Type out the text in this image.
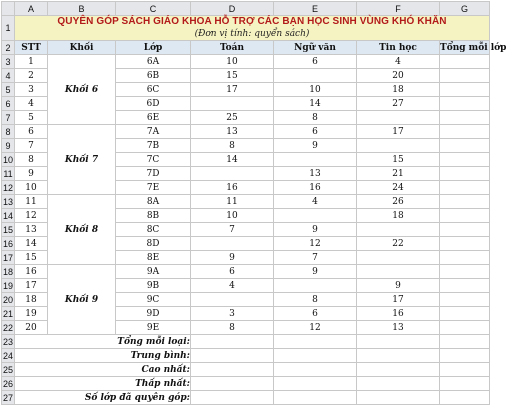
	A	B	C	D	E	F	G
1	QUYÊN GÓP SÁCH GIÁO KHOA HỖ TRỢ CÁC BẠN HỌC SINH VÙNG KHÓ KHĂN
(Đơn vị tính: quyển sách)						

2	STT	Khối	Lớp	Toán	Ngữ văn	Tin học	Tổng mỗi lớp
3	1	Khối 6	6A	10	6	4	
4	2		6B	15		20	
5	3		6C	17	10	18	
6	4		6D		14	27	
7	5		6E	25	8		
8	6	Khối 7	7A	13	6	17	
9	7		7B	8	9		
10	8		7C	14		15	
11	9		7D		13	21	
12	10		7E	16	16	24	
13	11	Khối 8	8A	11	4	26	
14	12		8B	10		18	
15	13		8C	7	9		
16	14		8D		12	22	
17	15		8E	9	7		
18	16	Khối 9	9A	6	9		
19	17		9B	4		9	
20	18		9C		8	17	
21	19		9D	3	6	16	
22	20		9E	8	12	13	
23	Tổng mỗi loại:						
24	Trung bình:						
25	Cao nhất:						
26	Thấp nhất:						
27	Số lớp đã quyên góp:						
